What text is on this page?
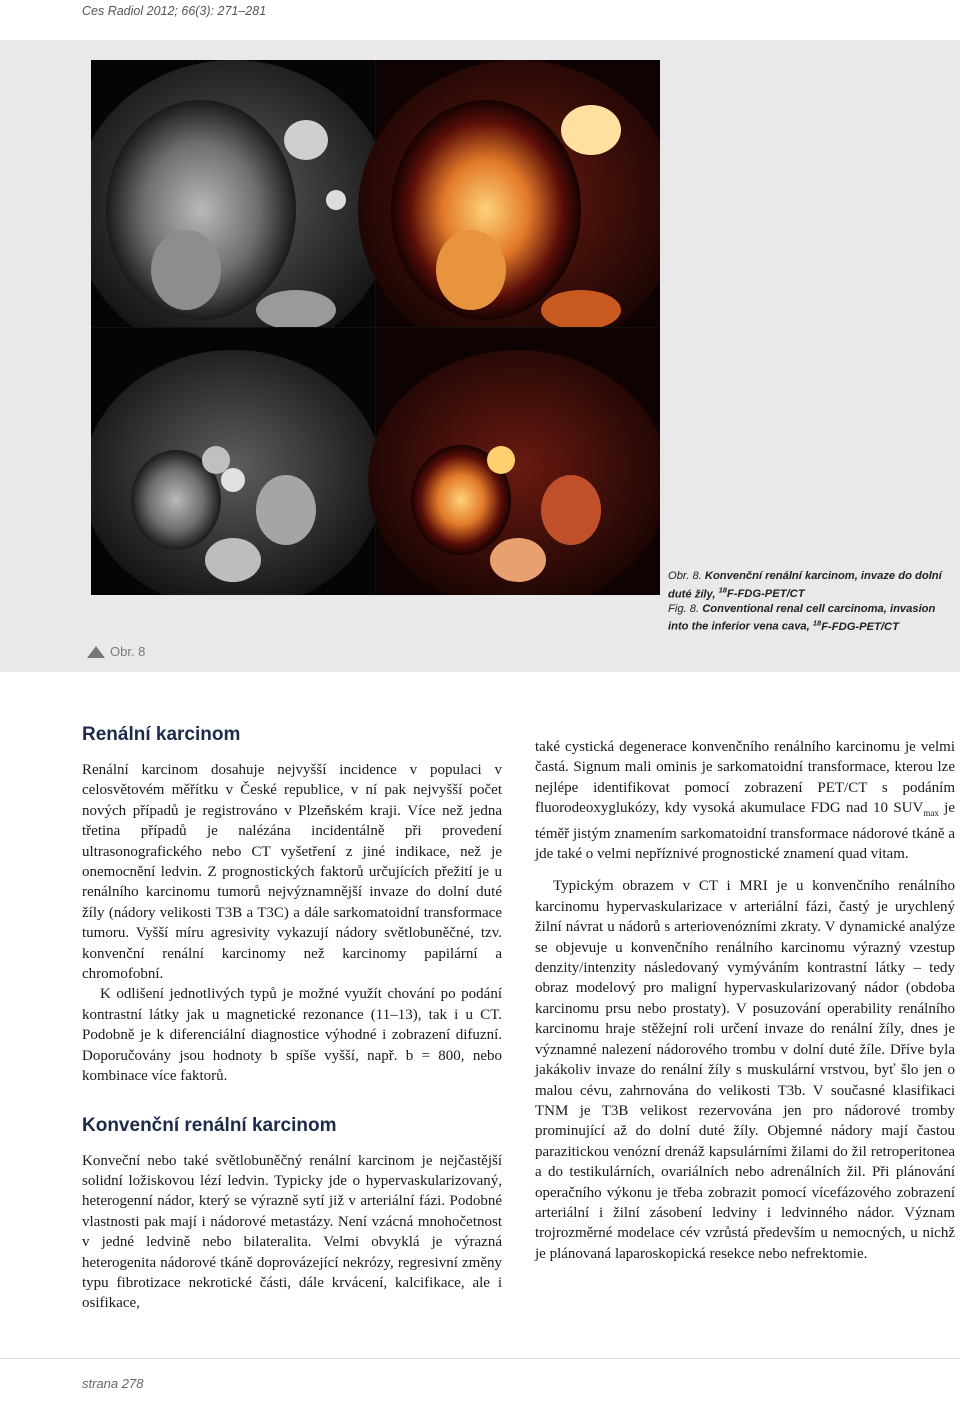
Ces Radiol 2012; 66(3): 271–281
Obr. 8. Konvenční renální karcinom, invaze do dolní duté žíly, $^{18}$F-FDG-PET/CT
Fig. 8. Conventional renal cell carcinoma, invasion into the inferior vena cava, $^{18}$F-FDG-PET/CT
Obr. 8
Renální karcinom

Renální karcinom dosahuje nejvyšší incidence v populaci v celosvětovém měřítku v České republice, v ní pak nejvyšší počet nových případů je registrováno v Plzeňském kraji. Více než jedna třetina případů je nalézána incidentálně při provedení ultrasonografického nebo CT vyšetření z jiné indikace, než je onemocnění ledvin. Z prognostických faktorů určujících přežití je u renálního karcinomu tumorů nejvýznamnější invaze do dolní duté žíly (nádory velikosti T3B a T3C) a dále sarkomatoidní transformace tumoru. Vyšší míru agresivity vykazují nádory světlobuněčné, tzv. konvenční renální karcinomy než karcinomy papilární a chromofobní.

K odlišení jednotlivých typů je možné využít chování po podání kontrastní látky jak u magnetické rezonance (11–13), tak i u CT. Podobně je k diferenciální diagnostice výhodné i zobrazení difuzní. Doporučovány jsou hodnoty b spíše vyšší, např. b = 800, nebo kombinace více faktorů.

Konvenční renální karcinom

Konveční nebo také světlobuněčný renální karcinom je nejčastější solidní ložiskovou lézí ledvin. Typicky jde o hypervaskularizovaný, heterogenní nádor, který se výrazně sytí již v arteriální fázi. Podobné vlastnosti pak mají i nádorové metastázy. Není vzácná mnohočetnost v jedné ledvině nebo bilateralita. Velmi obvyklá je výrazná heterogenita nádorové tkáně doprovázející nekrózy, regresivní změny typu fibrotizace nekrotické části, dále krvácení, kalcifikace, ale i osifikace,

také cystická degenerace konvenčního renálního karcinomu je velmi častá. Signum mali ominis je sarkomatoidní transformace, kterou lze nejlépe identifikovat pomocí zobrazení PET/CT s podáním fluorodeoxyglukózy, kdy vysoká akumulace FDG nad 10 $SUV_{max}$ je téměř jistým znamením sarkomatoidní transformace nádorové tkáně a jde také o velmi nepříznivé prognostické znamení quad vitam.

Typickým obrazem v CT i MRI je u konvenčního renálního karcinomu hypervaskularizace v arteriální fázi, častý je urychlený žilní návrat u nádorů s arteriovenózními zkraty. V dynamické analýze se objevuje u konvenčního renálního karcinomu výrazný vzestup denzity/intenzity následovaný vymýváním kontrastní látky – tedy obraz modelový pro maligní hypervaskularizovaný nádor (obdoba karcinomu prsu nebo prostaty). V posuzování operability renálního karcinomu hraje stěžejní roli určení invaze do renální žíly, dnes je významné nalezení nádorového trombu v dolní duté žíle. Dříve byla jakákoliv invaze do renální žíly s muskulární vrstvou, byť šlo jen o malou cévu, zahrnována do velikosti T3b. V současné klasifikaci TNM je T3B velikost rezervována jen pro nádorové tromby prominující až do dolní duté žíly. Objemné nádory mají častou parazitickou venózní drenáž kapsulárními žilami do žil retroperitonea a do testikulárních, ovariálních nebo adrenálních žil. Při plánování operačního výkonu je třeba zobrazit pomocí vícefázového zobrazení arteriální i žilní zásobení ledviny i ledvinného nádor. Význam trojrozměrné modelace cév vzrůstá především u nemocných, u nichž je plánovaná laparoskopická resekce nebo nefrektomie.

strana 278
